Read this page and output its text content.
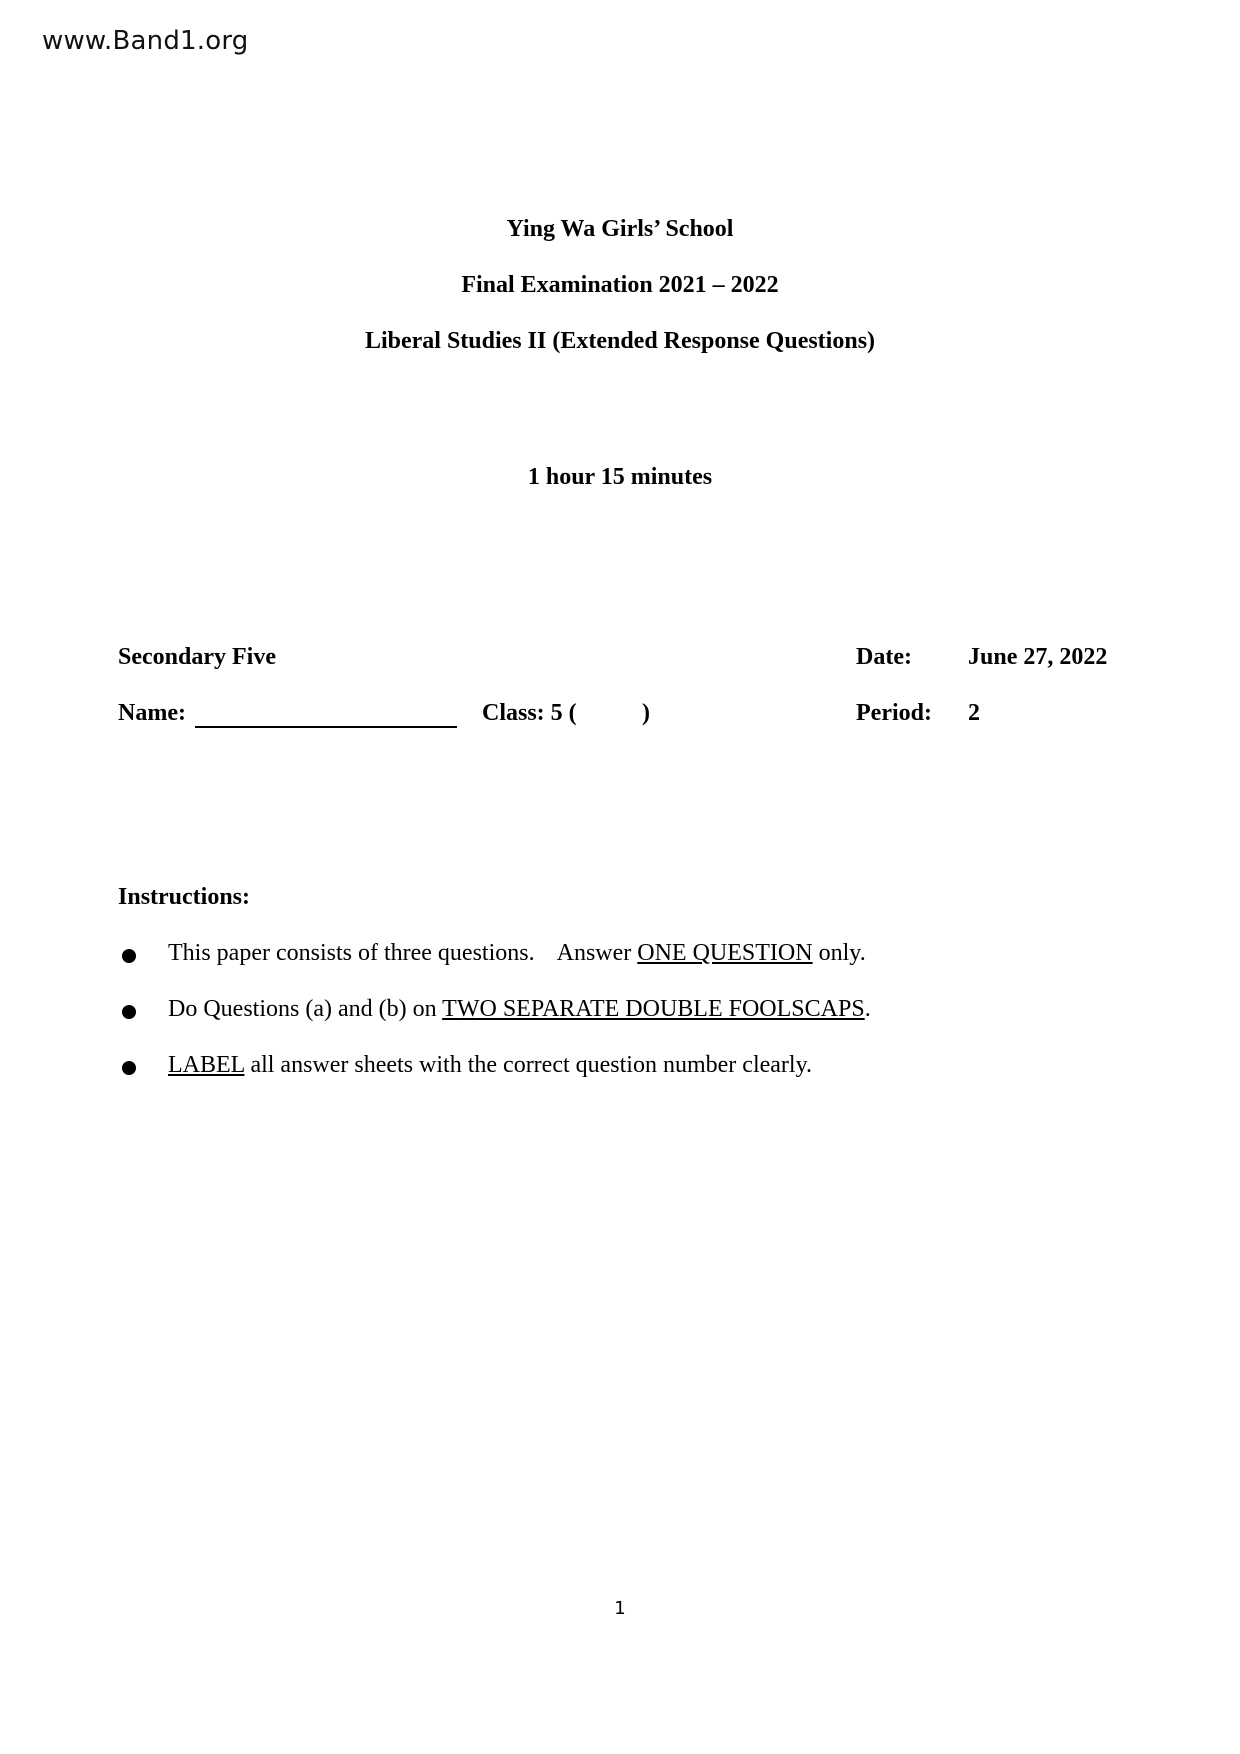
www.Band1.org
Ying Wa Girls’ School
Final Examination 2021 – 2022
Liberal Studies II (Extended Response Questions)
1 hour 15 minutes
Secondary Five	Date: June 27, 2022
Name:	Class: 5 (	)	Period: 2
Instructions:
This paper consists of three questions. Answer ONE QUESTION only.
Do Questions (a) and (b) on TWO SEPARATE DOUBLE FOOLSCAPS.
LABEL all answer sheets with the correct question number clearly.
1
